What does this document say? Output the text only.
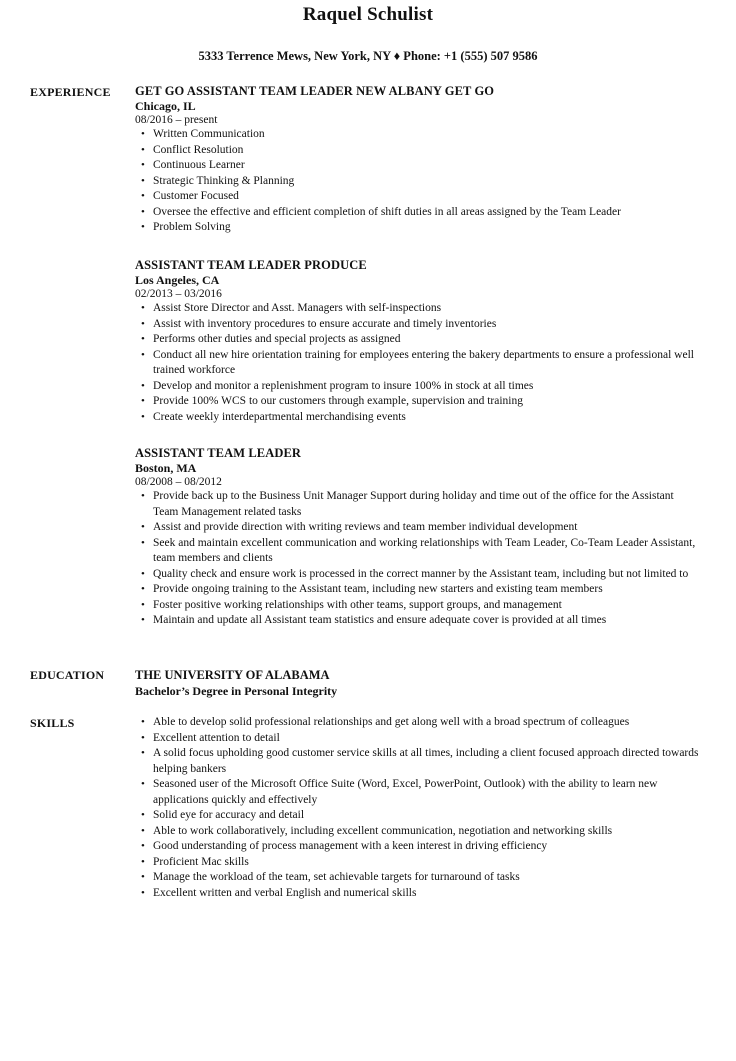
Raquel Schulist
5333 Terrence Mews, New York, NY ♦ Phone: +1 (555) 507 9586
EXPERIENCE GET GO ASSISTANT TEAM LEADER NEW ALBANY GET GO
Chicago, IL
08/2016 – present
• Written Communication
• Conflict Resolution
• Continuous Learner
• Strategic Thinking & Planning
• Customer Focused
• Oversee the effective and efficient completion of shift duties in all areas assigned by the Team Leader
• Problem Solving
ASSISTANT TEAM LEADER PRODUCE
Los Angeles, CA
02/2013 – 03/2016
• Assist Store Director and Asst. Managers with self-inspections
• Assist with inventory procedures to ensure accurate and timely inventories
• Performs other duties and special projects as assigned
• Conduct all new hire orientation training for employees entering the bakery departments to ensure a professional well trained workforce
• Develop and monitor a replenishment program to insure 100% in stock at all times
• Provide 100% WCS to our customers through example, supervision and training
• Create weekly interdepartmental merchandising events
ASSISTANT TEAM LEADER
Boston, MA
08/2008 – 08/2012
• Provide back up to the Business Unit Manager Support during holiday and time out of the office for the Assistant Team Management related tasks
• Assist and provide direction with writing reviews and team member individual development
• Seek and maintain excellent communication and working relationships with Team Leader, Co-Team Leader Assistant, team members and clients
• Quality check and ensure work is processed in the correct manner by the Assistant team, including but not limited to
• Provide ongoing training to the Assistant team, including new starters and existing team members
• Foster positive working relationships with other teams, support groups, and management
• Maintain and update all Assistant team statistics and ensure adequate cover is provided at all times
EDUCATION THE UNIVERSITY OF ALABAMA
Bachelor’s Degree in Personal Integrity
SKILLS	• Able to develop solid professional relationships and get along well with a broad spectrum of colleagues
• Excellent attention to detail
• A solid focus upholding good customer service skills at all times, including a client focused approach directed towards helping bankers
• Seasoned user of the Microsoft Office Suite (Word, Excel, PowerPoint, Outlook) with the ability to learn new applications quickly and effectively
• Solid eye for accuracy and detail
• Able to work collaboratively, including excellent communication, negotiation and networking skills
• Good understanding of process management with a keen interest in driving efficiency
• Proficient Mac skills
• Manage the workload of the team, set achievable targets for turnaround of tasks
• Excellent written and verbal English and numerical skills
